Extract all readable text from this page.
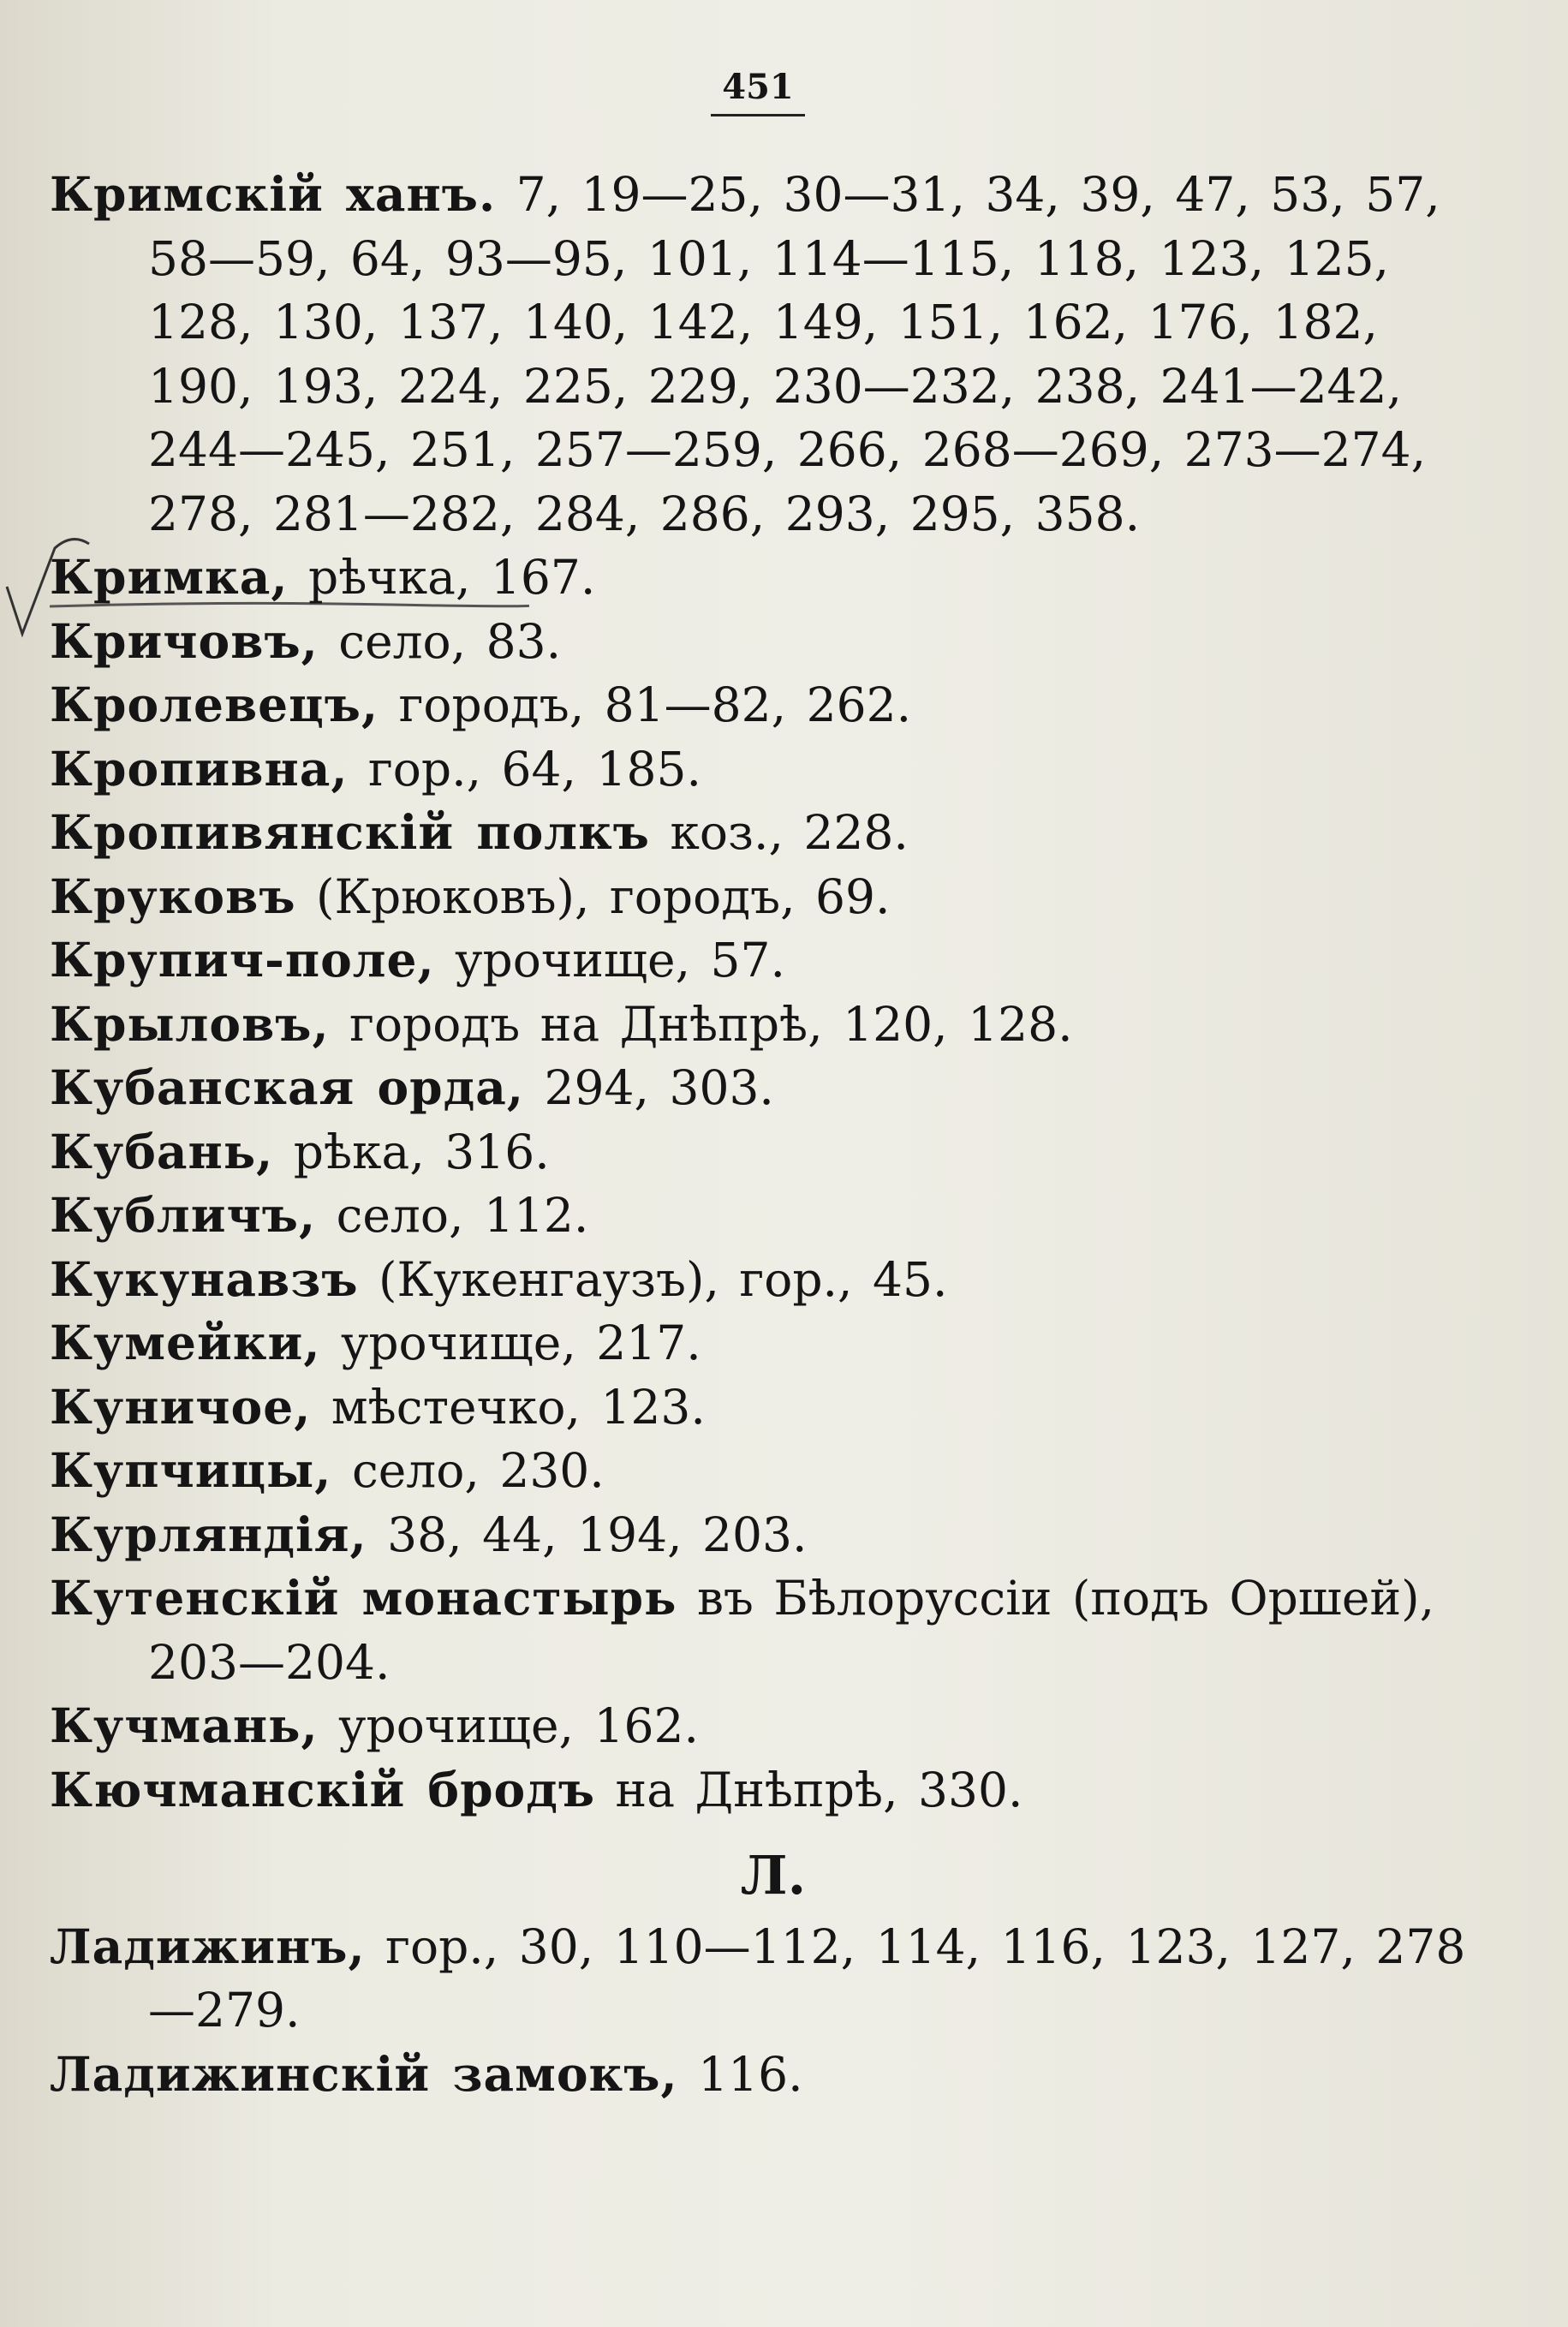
451
Кримскій ханъ. 7, 19—25, 30—31, 34, 39, 47, 53, 57, 58—59, 64, 93—95, 101, 114—115, 118, 123, 125, 128, 130, 137, 140, 142, 149, 151, 162, 176, 182, 190, 193, 224, 225, 229, 230—232, 238, 241—242, 244—245, 251, 257—259, 266, 268—269, 273—274, 278, 281—282, 284, 286, 293, 295, 358.
Кримка, рѣчка, 167.
Кричовъ, село, 83.
Кролевецъ, городъ, 81—82, 262.
Кропивна, гор., 64, 185.
Кропивянскій полкъ коз., 228.
Круковъ (Крюковъ), городъ, 69.
Крупич-поле, урочище, 57.
Крыловъ, городъ на Днѣпрѣ, 120, 128.
Кубанская орда, 294, 303.
Кубань, рѣка, 316.
Кубличъ, село, 112.
Кукунавзъ (Кукенгаузъ), гор., 45.
Кумейки, урочище, 217.
Куничое, мѣстечко, 123.
Купчицы, село, 230.
Курляндія, 38, 44, 194, 203.
Кутенскій монастырь въ Бѣлоруссіи (подъ Оршей), 203—204.
Кучмань, урочище, 162.
Кючманскій бродъ на Днѣпрѣ, 330.
Л.
Ладижинъ, гор., 30, 110—112, 114, 116, 123, 127, 278—279.
Ладижинскій замокъ, 116.
